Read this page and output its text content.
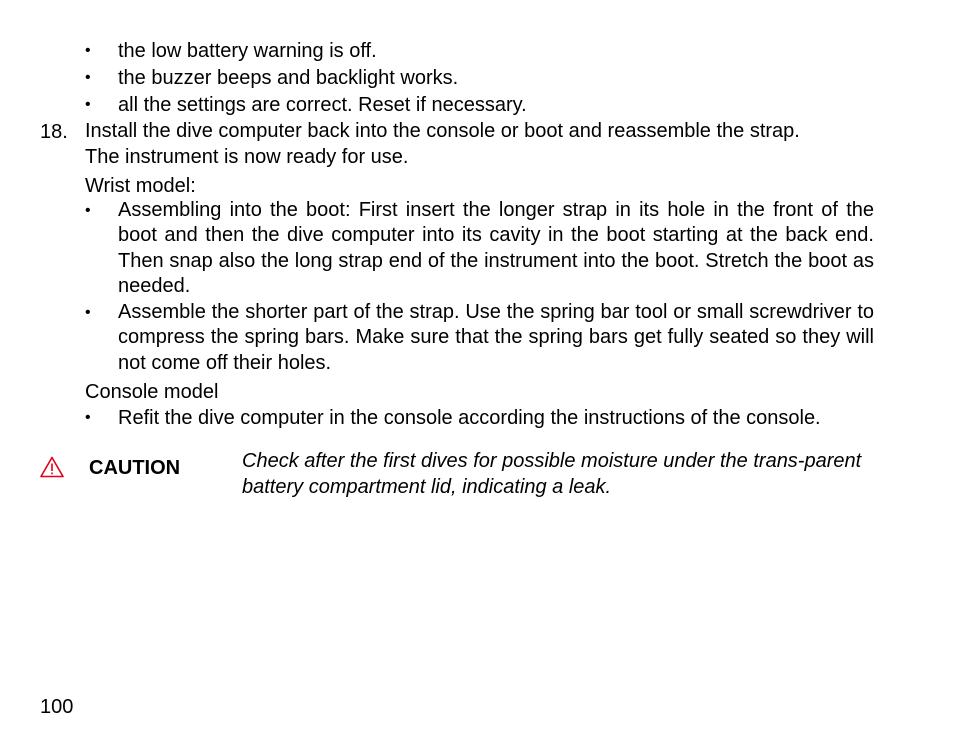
• the low battery warning is off.
• the buzzer beeps and backlight works.
• all the settings are correct. Reset if necessary.
18. Install the dive computer back into the console or boot and reassemble the strap.
The instrument is now ready for use.
Wrist model:
• Assembling into the boot: First insert the longer strap in its hole in the front of the boot and then the dive computer into its cavity in the boot starting at the back end. Then snap also the long strap end of the instrument into the boot. Stretch the boot as needed.
• Assemble the shorter part of the strap. Use the spring bar tool or small screwdriver to compress the spring bars. Make sure that the spring bars get fully seated so they will not come off their holes.
Console model
• Refit the dive computer in the console according the instructions of the console.
CAUTION	Check after the first dives for possible moisture under the trans-parent battery compartment lid, indicating a leak.
100
